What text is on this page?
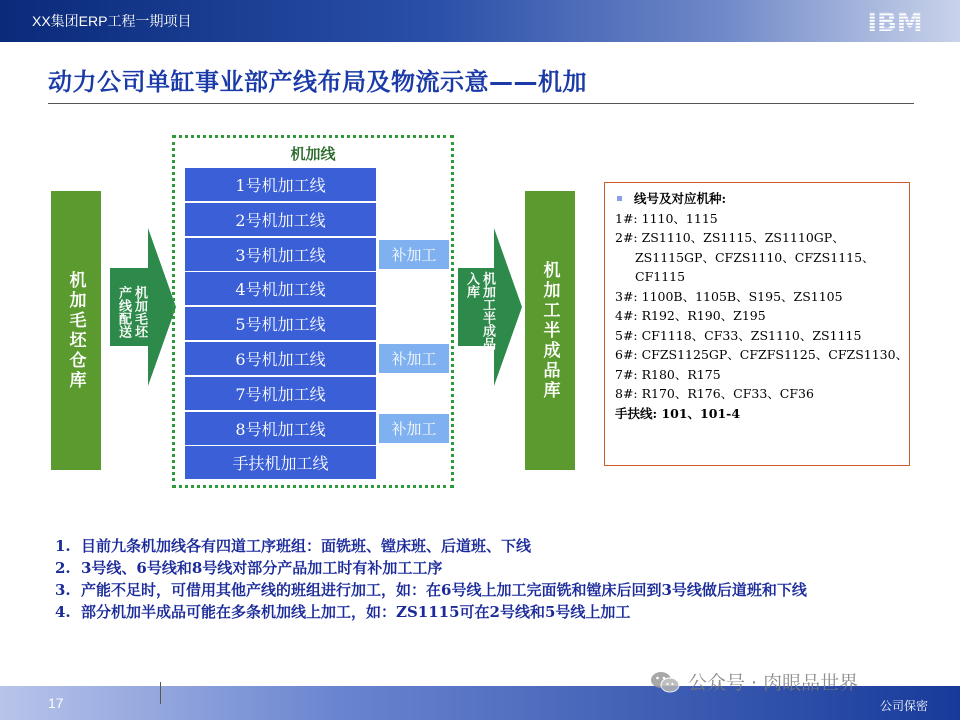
XX集团ERP工程一期项目	IBM
动力公司单缸事业部产线布局及物流示意——机加
机加毛坯仓库	机加毛坯
产线配送
机加线
1号机加工线
2号机加工线
3号机加工线
4号机加工线
5号机加工线
6号机加工线
7号机加工线
8号机加工线
手扶机加工线
补加工
补加工
补加工
机加工半成品
入库	机加工半成品库
线号及对应机种:
1#: 1110、1115
2#: ZS1110、ZS1115、ZS1110GP、
ZS1115GP、CFZS1110、CFZS1115、
CF1115
3#: 1100B、1105B、S195、ZS1105
4#: R192、R190、Z195
5#: CF1118、CF33、ZS1110、ZS1115
6#: CFZS1125GP、CFZFS1125、CFZS1130、
7#: R180、R175
8#: R170、R176、CF33、CF36
手扶线: 101、101-4
1. 目前九条机加线各有四道工序班组：面铣班、镗床班、后道班、下线
2. 3号线、6号线和8号线对部分产品加工时有补加工工序
3. 产能不足时，可借用其他产线的班组进行加工，如：在6号线上加工完面铣和镗床后回到3号线做后道班和下线
4. 部分机加半成品可能在多条机加线上加工，如：ZS1115可在2号线和5号线上加工
17
公众号 · 肉眼品世界
公司保密
